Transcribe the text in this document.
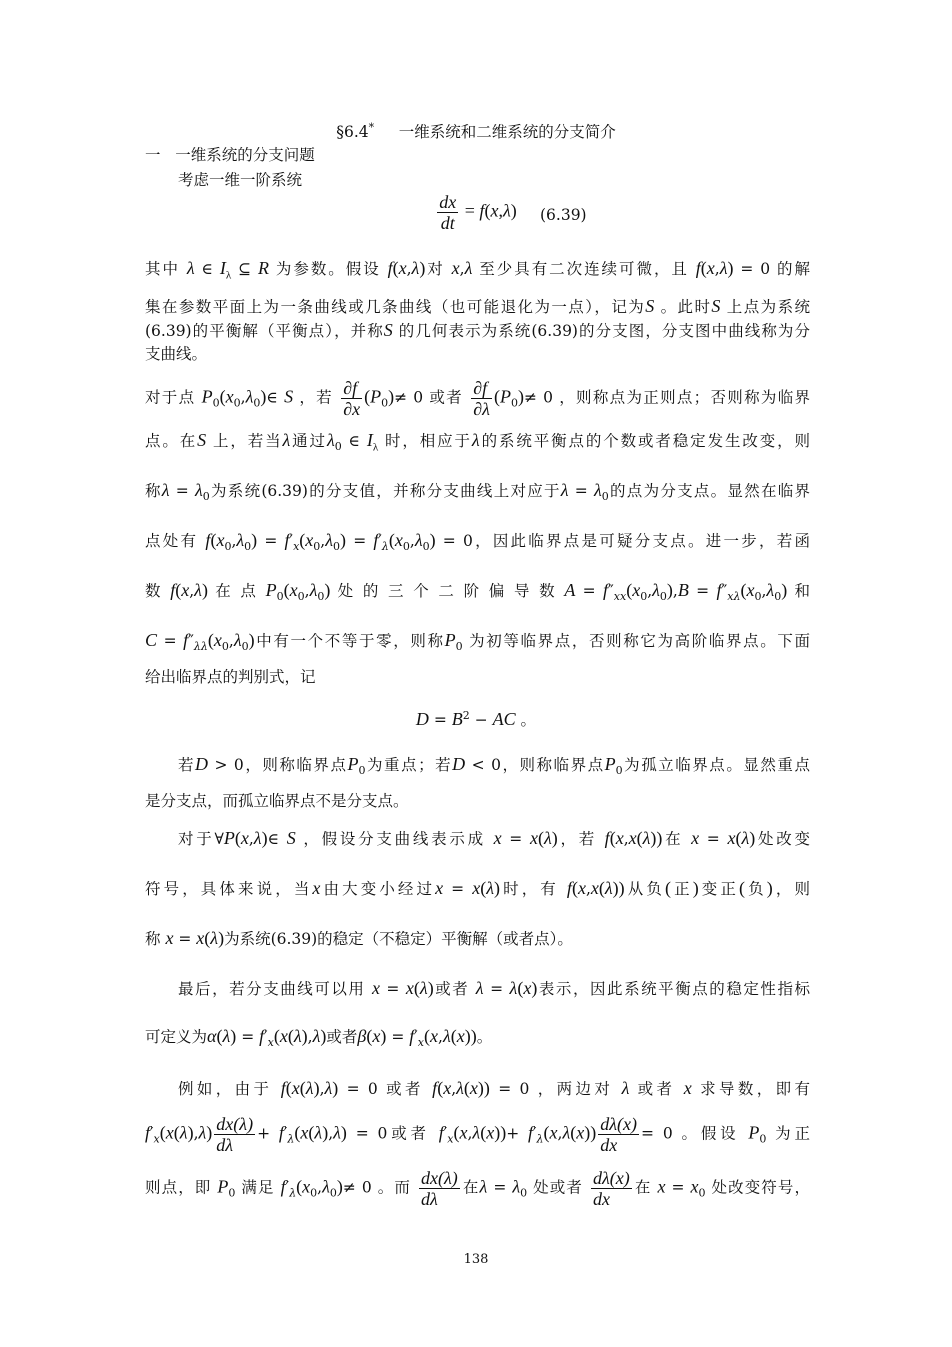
§6.4*     一维系统和二维系统的分支简介
一   一维系统的分支问题
考虑一维一阶系统
$\frac{dx}{dt} = f(x,\lambda)$	(6.39)
其中 λ ∈ $I_\lambda$ ⊆ R 为参数。假设 f(x,λ)对 x,λ 至少具有二次连续可微，且 f(x,λ) = 0 的解
集在参数平面上为一条曲线或几条曲线（也可能退化为一点），记为S 。此时S 上点为系统
(6.39)的平衡解（平衡点），并称S 的几何表示为系统(6.39)的分支图，分支图中曲线称为分
支曲线。
对于点 $P_0(x_0,\lambda_0)\in$ S ，若 $\frac{\partial f}{\partial x} (P_0)\ne 0$ 或者 $\frac{\partial f}{\partial\lambda} (P_0)\ne 0$ ，则称点为正则点；否则称为临界
点。在S 上，若当λ通过$\lambda_0$ ∈ $I_\lambda$ 时，相应于λ的系统平衡点的个数或者稳定发生改变，则
称$\lambda = \lambda_0$为系统(6.39)的分支值，并称分支曲线上对应于$\lambda = \lambda_0$的点为分支点。显然在临界
点处有 $f(x_0,\lambda_0) = f'_x(x_0,\lambda_0) = f'_\lambda(x_0,\lambda_0) = 0$，因此临界点是可疑分支点。进一步，若函
数 f(x,λ) 在 点 $P_0(x_0,\lambda_0)$ 处 的 三 个 二 阶 偏 导 数 $A = f''_{xx}(x_0,\lambda_0),B = f''_{x\lambda}(x_0,\lambda_0)$ 和
$C = f''_{\lambda\lambda}(x_0,\lambda_0)$中有一个不等于零，则称$P_0$ 为初等临界点，否则称它为高阶临界点。下面
给出临界点的判别式，记
$D = B^2$ − AC 。
若D > 0，则称临界点$P_0$为重点；若D < 0，则称临界点$P_0$为孤立临界点。显然重点
是分支点，而孤立临界点不是分支点。
对于∀P(x,λ)∈ S ，假设分支曲线表示成 x = x(λ)，若 f(x,x(λ))在 x = x(λ)处改变
符号，具体来说，当x由大变小经过x = x(λ)时，有 f(x,x(λ))从负(正)变正(负)，则
称 x = x(λ)为系统(6.39)的稳定（不稳定）平衡解（或者点）。
最后，若分支曲线可以用 x = x(λ)或者 λ = λ(x)表示，因此系统平衡点的稳定性指标
可定义为$\alpha(\lambda) = f'_x(x(\lambda),\lambda)$或者$\beta(x) = f'_x(x,\lambda(x))$。
例如，由于 f(x(λ),λ) = 0 或者 f(x,λ(x)) = 0 ，两边对 λ 或者 x 求导数，即有
$f'_x(x(\lambda),\lambda) \frac{dx(\lambda)}{d\lambda} + f'_\lambda(x(\lambda),\lambda) = 0$或者 $f'_x(x,\lambda(x))+ f'_\lambda(x,\lambda(x)) \frac{d\lambda(x)}{dx} = 0$ 。假设 $P_0$ 为正
则点，即 $P_0$ 满足 $f'_\lambda(x_0,\lambda_0)\ne 0$ 。而 $\frac{dx(\lambda)}{d\lambda}$ 在$\lambda = \lambda_0$ 处或者 $\frac{d\lambda(x)}{dx}$ 在 $x = x_0$ 处改变符号，
138
